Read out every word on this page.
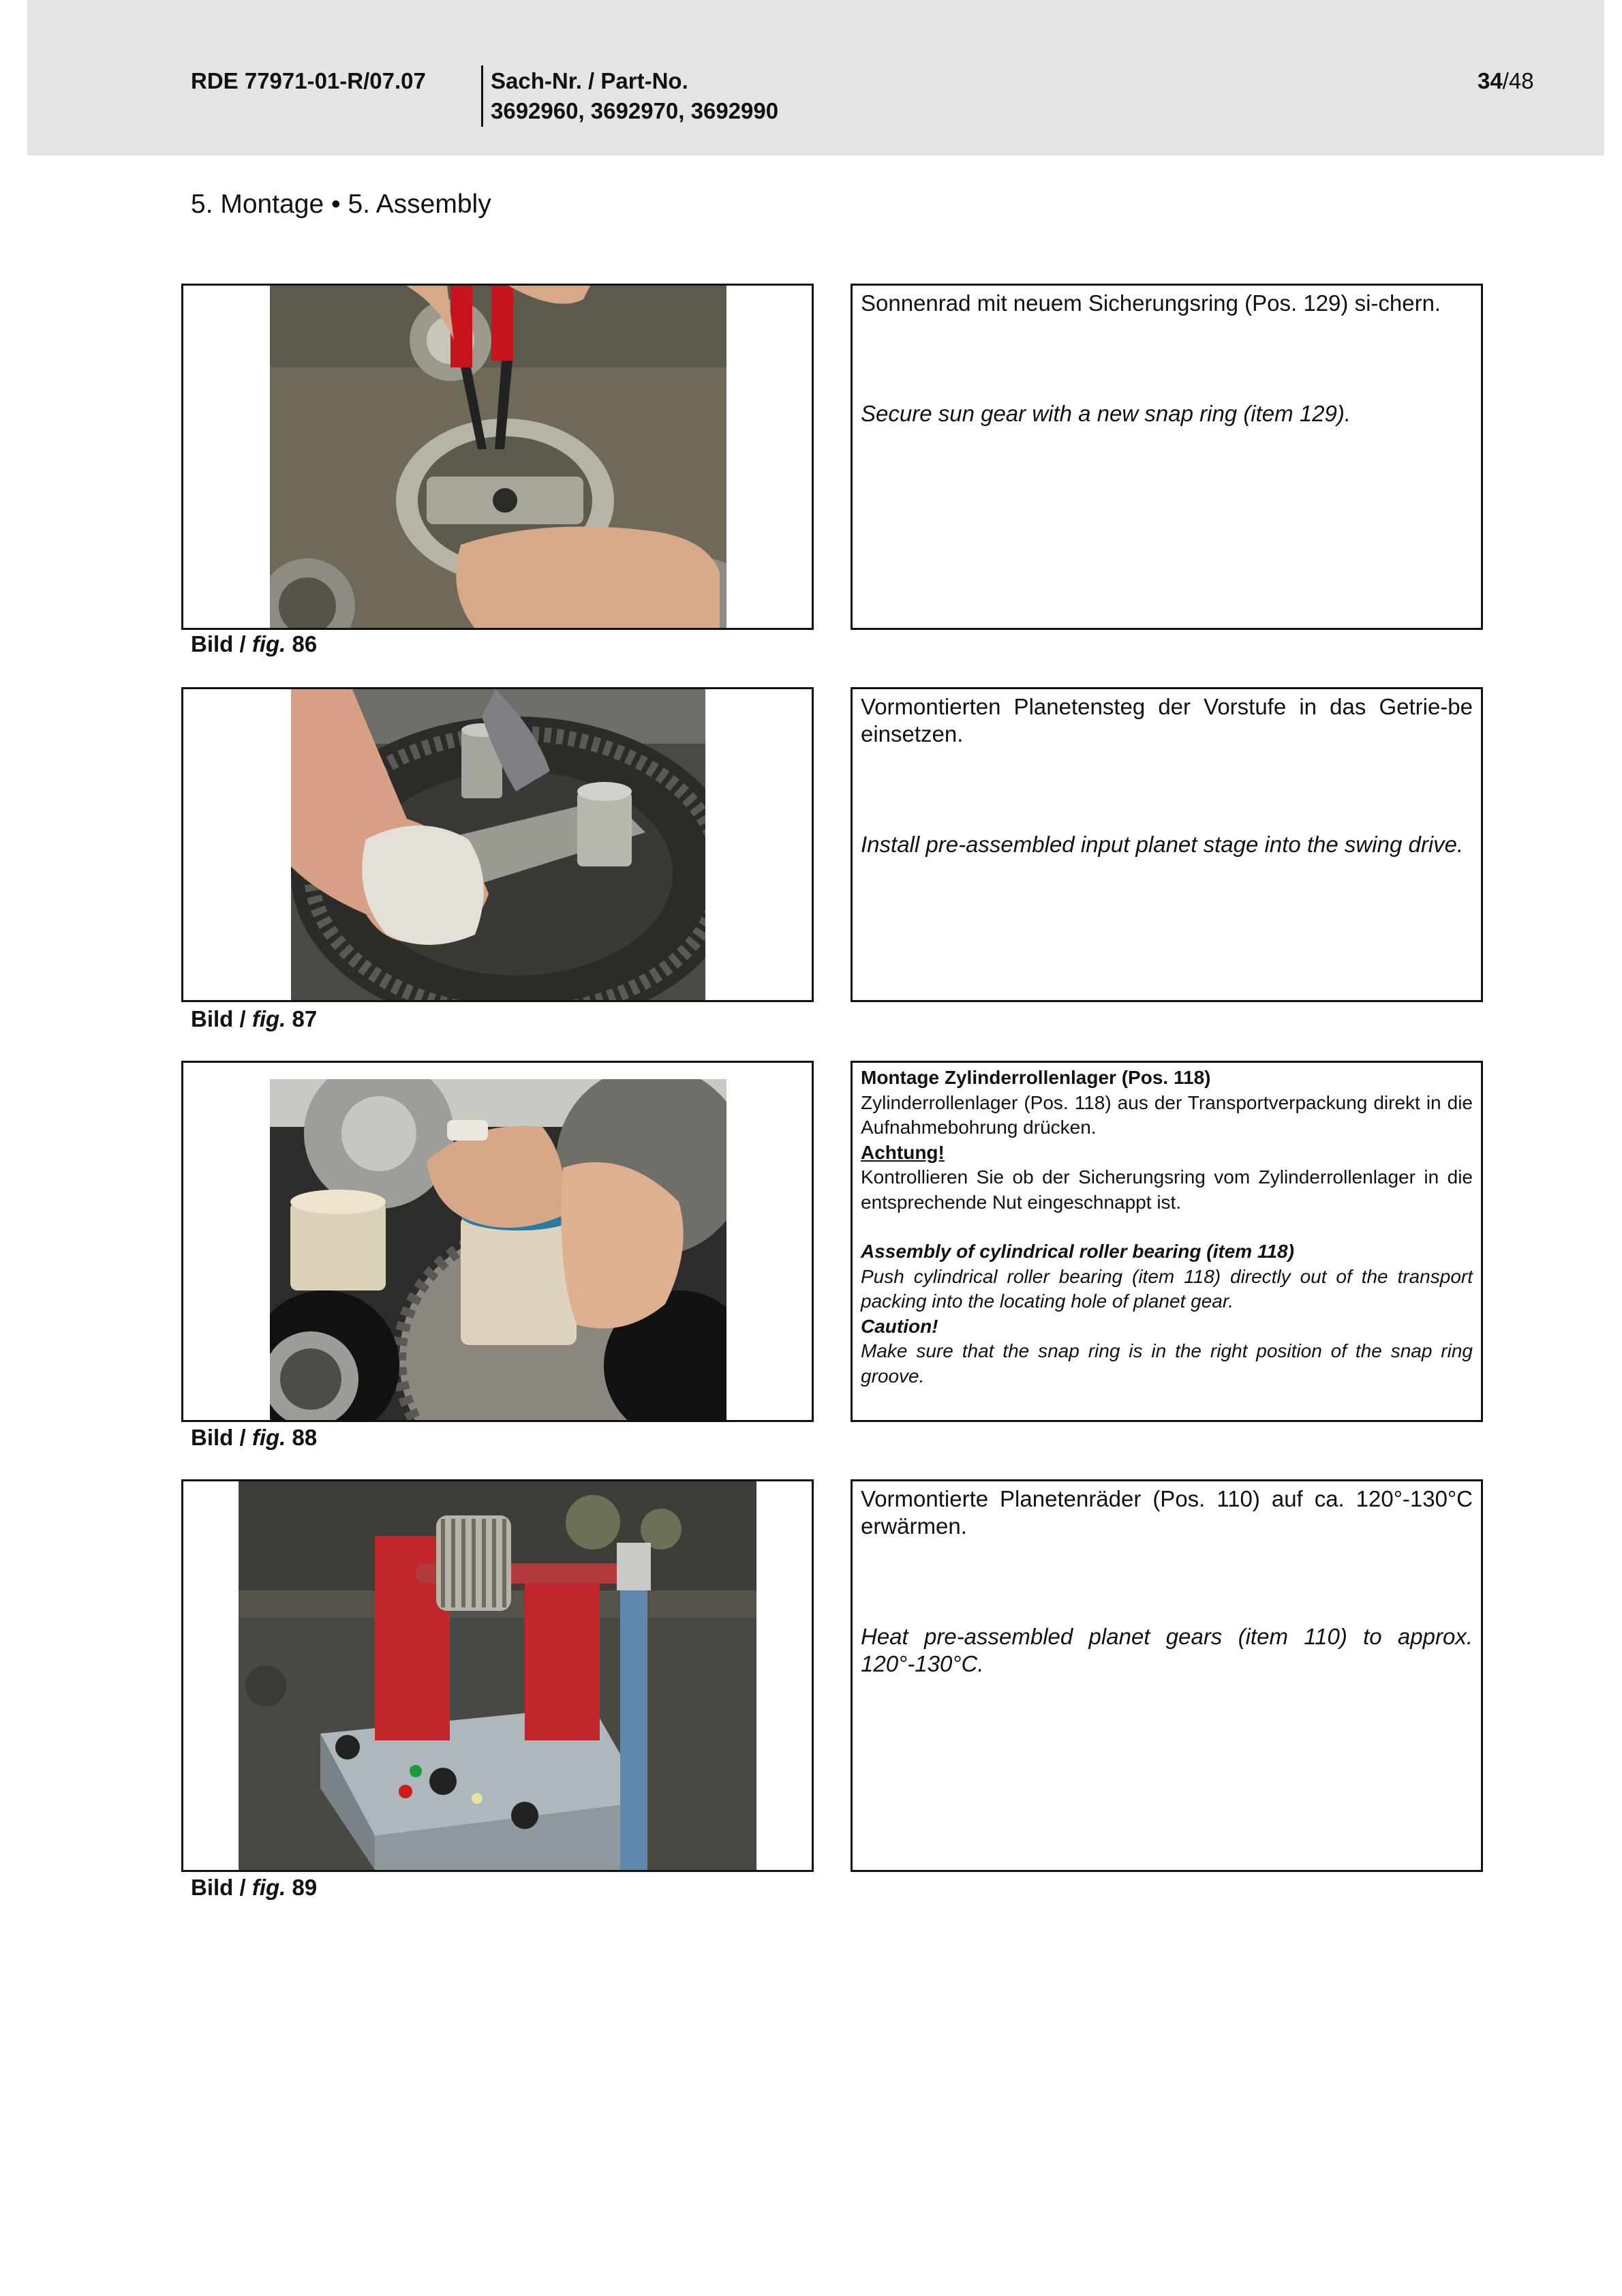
RDE 77971-01-R/07.07	Sach-Nr. / Part-No.
3692960, 3692970, 3692990
34/48
5. Montage • 5. Assembly
Bild / fig. 86

Sonnenrad mit neuem Sicherungsring (Pos. 129) si-chern.

Secure sun gear with a new snap ring (item 129).

Bild / fig. 87

Vormontierten Planetensteg der Vorstufe in das Getrie-be einsetzen.

Install pre-assembled input planet stage into the swing drive.

Bild / fig. 88

Montage Zylinderrollenlager (Pos. 118)

Zylinderrollenlager (Pos. 118) aus der Transportverpackung direkt in die Aufnahmebohrung drücken.

Achtung!

Kontrollieren Sie ob der Sicherungsring vom Zylinderrollenlager in die entsprechende Nut eingeschnappt ist.

Assembly of cylindrical roller bearing (item 118)

Push cylindrical roller bearing (item 118) directly out of the transport packing into the locating hole of planet gear.

Caution!

Make sure that the snap ring is in the right position of the snap ring groove.

Bild / fig. 89

Vormontierte Planetenräder (Pos. 110) auf ca. 120°-130°C erwärmen.

Heat pre-assembled planet gears (item 110) to approx. 120°-130°C.
